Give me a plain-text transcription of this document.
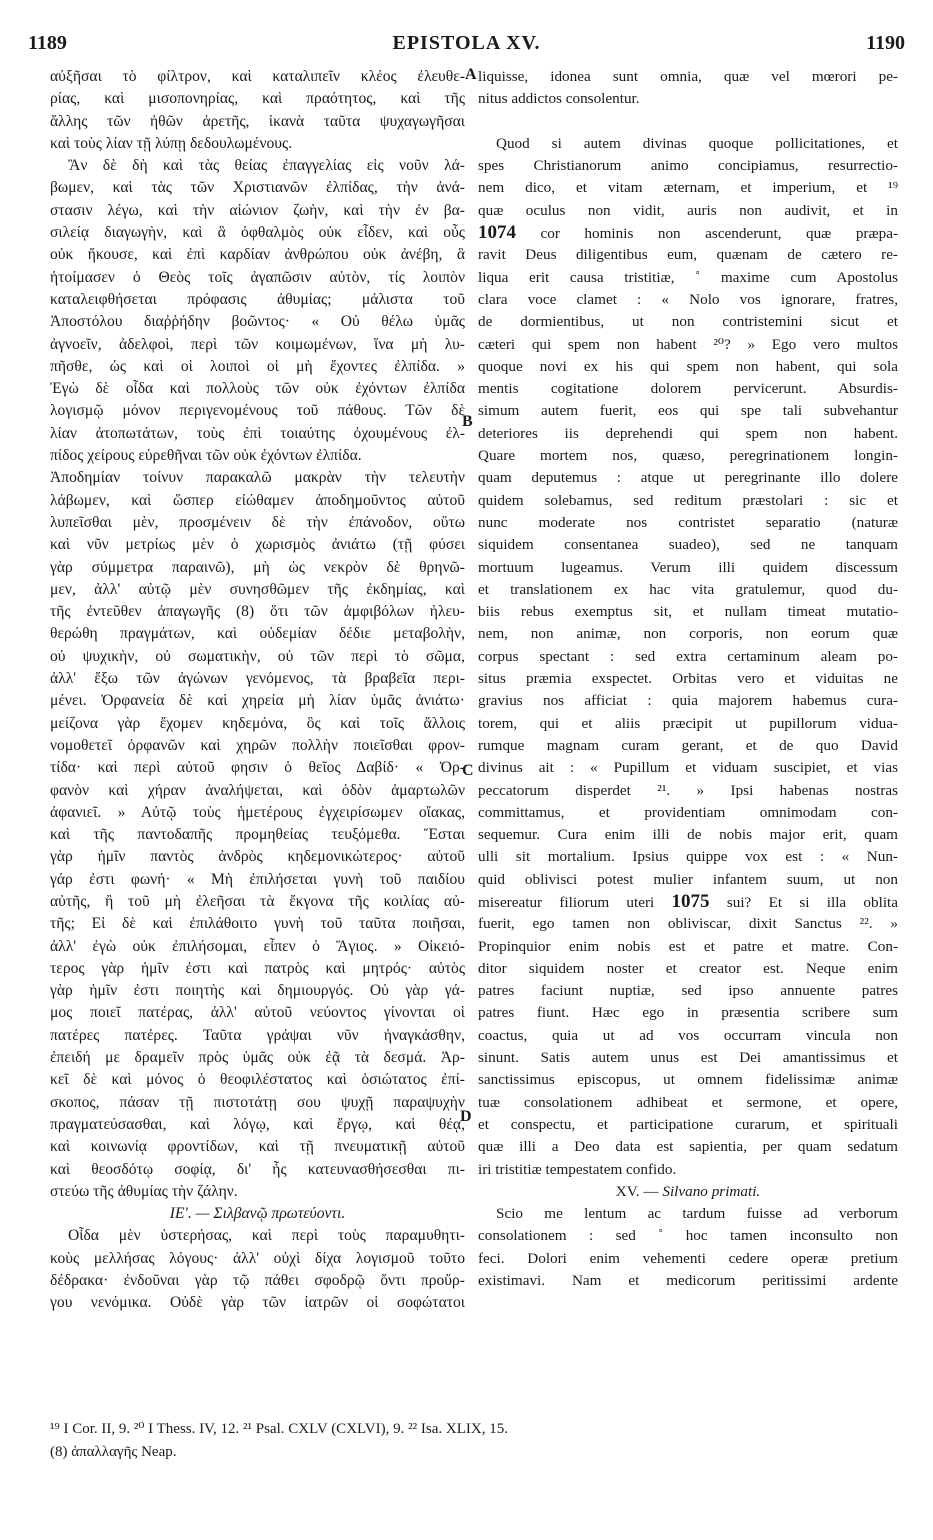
1189	EPISTOLA XV.	1190
αὐξῆσαι τὸ φίλτρον, καὶ καταλιπεῖν κλέος ἐλευθε-
ρίας, καὶ μισοπονηρίας, καὶ πραότητος, καὶ τῆς
ἄλλης τῶν ἠθῶν ἀρετῆς, ἱκανὰ ταῦτα ψυχαγωγῆσαι
καὶ τοὺς λίαν τῇ λύπῃ δεδουλωμένους.
Ἂν δὲ δὴ καὶ τὰς θείας ἐπαγγελίας εἰς νοῦν λά-
βωμεν, καὶ τὰς τῶν Χριστιανῶν ἐλπίδας, τὴν ἀνά-
στασιν λέγω, καὶ τὴν αἰώνιον ζωὴν, καὶ τὴν ἐν βα-
σιλείᾳ διαγωγὴν, καὶ ἃ ὀφθαλμὸς οὐκ εἶδεν, καὶ οὖς
οὐκ ἤκουσε, καὶ ἐπὶ καρδίαν ἀνθρώπου οὐκ ἀνέβη, ἃ
ἡτοίμασεν ὁ Θεὸς τοῖς ἀγαπῶσιν αὐτὸν, τίς λοιπὸν
καταλειφθήσεται πρόφασις ἀθυμίας; μάλιστα τοῦ
Ἀποστόλου διαῤῥήδην βοῶντος· « Οὐ θέλω ὑμᾶς
ἀγνοεῖν, ἀδελφοὶ, περὶ τῶν κοιμωμένων, ἵνα μὴ λυ-
πῆσθε, ὡς καὶ οἱ λοιποὶ οἱ μὴ ἔχοντες ἐλπίδα. »
Ἐγὼ δὲ οἶδα καὶ πολλοὺς τῶν οὐκ ἐχόντων ἐλπίδα
λογισμῷ μόνον περιγενομένους τοῦ πάθους. Τῶν δὲ
λίαν ἀτοπωτάτων, τοὺς ἐπὶ τοιαύτης ὀχουμένους ἐλ-
πίδος χείρους εὑρεθῆναι τῶν οὐκ ἐχόντων ἐλπίδα.
Ἀποδημίαν τοίνυν παρακαλῶ μακρὰν τὴν τελευτὴν
λάβωμεν, καὶ ὥσπερ εἰώθαμεν ἀποδημοῦντος αὐτοῦ
λυπεῖσθαι μὲν, προσμένειν δὲ τὴν ἐπάνοδον, οὕτω
καὶ νῦν μετρίως μὲν ὁ χωρισμὸς ἀνιάτω (τῇ φύσει
γὰρ σύμμετρα παραινῶ), μὴ ὡς νεκρὸν δὲ θρηνῶ-
μεν, ἀλλ' αὐτῷ μὲν συνησθῶμεν τῆς ἐκδημίας, καὶ
τῆς ἐντεῦθεν ἀπαγωγῆς (8) ὅτι τῶν ἀμφιβόλων ἠλευ-
θερώθη πραγμάτων, καὶ οὐδεμίαν δέδιε μεταβολὴν,
οὐ ψυχικὴν, οὐ σωματικὴν, οὐ τῶν περὶ τὸ σῶμα,
ἀλλ' ἔξω τῶν ἀγώνων γενόμενος, τὰ βραβεῖα περι-
μένει. Ὀρφανεία δὲ καὶ χηρεία μὴ λίαν ὑμᾶς ἀνιάτω·
μείζονα γὰρ ἔχομεν κηδεμόνα, ὃς καὶ τοῖς ἄλλοις
νομοθετεῖ ὀρφανῶν καὶ χηρῶν πολλὴν ποιεῖσθαι φρον-
τίδα· καὶ περὶ αὐτοῦ φησιν ὁ θεῖος Δαβίδ· « Ὀρ-
φανὸν καὶ χήραν ἀναλήψεται, καὶ ὁδὸν ἁμαρτωλῶν
ἀφανιεῖ. » Αὐτῷ τοὺς ἡμετέρους ἐγχειρίσωμεν οἴακας,
καὶ τῆς παντοδαπῆς προμηθείας τευξόμεθα. Ἔσται
γὰρ ἡμῖν παντὸς ἀνδρὸς κηδεμονικώτερος· αὐτοῦ
γάρ ἐστι φωνή· « Μὴ ἐπιλήσεται γυνὴ τοῦ παιδίου
αὐτῆς, ἢ τοῦ μὴ ἐλεῆσαι τὰ ἔκγονα τῆς κοιλίας αὐ-
τῆς; Εἰ δὲ καὶ ἐπιλάθοιτο γυνὴ τοῦ ταῦτα ποιῆσαι,
ἀλλ' ἐγὼ οὐκ ἐπιλήσομαι, εἶπεν ὁ Ἅγιος. » Οἰκειό-
τερος γὰρ ἡμῖν ἐστι καὶ πατρὸς καὶ μητρός· αὐτὸς
γὰρ ἡμῖν ἐστι ποιητὴς καὶ δημιουργός. Οὐ γὰρ γά-
μος ποιεῖ πατέρας, ἀλλ' αὐτοῦ νεύοντος γίνονται οἱ
πατέρες πατέρες. Ταῦτα γράψαι νῦν ἠναγκάσθην,
ἐπειδή με δραμεῖν πρὸς ὑμᾶς οὐκ ἐᾷ τὰ δεσμά. Ἀρ-
κεῖ δὲ καὶ μόνος ὁ θεοφιλέστατος καὶ ὁσιώτατος ἐπί-
σκοπος, πάσαν τῇ πιστοτάτῃ σου ψυχῇ παραψυχὴν
πραγματεύσασθαι, καὶ λόγῳ, καὶ ἔργῳ, καὶ θέᾳ,
καὶ κοινωνίᾳ φροντίδων, καὶ τῇ πνευματικῇ αὐτοῦ
καὶ θεοσδότῳ σοφίᾳ, δι' ἧς κατευνασθήσεσθαι πι-
στεύω τῆς ἀθυμίας τὴν ζάλην.
ΙΕ'. — Σιλβανῷ πρωτεύοντι.
Οἶδα μὲν ὑστερήσας, καὶ περὶ τοὺς παραμυθητι-
κοὺς μελλήσας λόγους· ἀλλ' οὐχὶ δίχα λογισμοῦ τοῦτο
δέδρακα· ἐνδοῦναι γὰρ τῷ πάθει σφοδρῷ ὄντι προὔρ-
γου νενόμικα. Οὐδὲ γὰρ τῶν ἰατρῶν οἱ σοφώτατοι
liquisse, idonea sunt omnia, quæ vel mœrori pe-
nitus addictos consolentur.
Quod si autem divinas quoque pollicitationes, et
spes Christianorum animo concipiamus, resurrectio-
nem dico, et vitam æternam, et imperium, et ¹⁹
quæ oculus non vidit, auris non audivit, et in
1074 cor hominis non ascenderunt, quæ præpa-
ravit Deus diligentibus eum, quænam de cætero re-
liqua erit causa tristitiæ, ˚ maxime cum Apostolus
clara voce clamet : « Nolo vos ignorare, fratres,
de dormientibus, ut non contristemini sicut et
cæteri qui spem non habent ²⁰? » Ego vero multos
quoque novi ex his qui spem non habent, qui sola
mentis cogitatione dolorem pervicerunt. Absurdis-
simum autem fuerit, eos qui spe tali subvehantur
deteriores iis deprehendi qui spem non habent.
Quare mortem nos, quæso, peregrinationem longin-
quam deputemus : atque ut peregrinante illo dolere
quidem solebamus, sed reditum præstolari : sic et
nunc moderate nos contristet separatio (naturæ
siquidem consentanea suadeo), sed ne tanquam
mortuum lugeamus. Verum illi quidem discessum
et translationem ex hac vita gratulemur, quod du-
biis rebus exemptus sit, et nullam timeat mutatio-
nem, non animæ, non corporis, non eorum quæ
corpus spectant : sed extra certaminum aleam po-
situs præmia exspectet. Orbitas vero et viduitas ne
gravius nos afficiat : quia majorem habemus cura-
torem, qui et aliis præcipit ut pupillorum vidua-
rumque magnam curam gerant, et de quo David
divinus ait : « Pupillum et viduam suscipiet, et vias
peccatorum disperdet ²¹. » Ipsi habenas nostras
committamus, et providentiam omnimodam con-
sequemur. Cura enim illi de nobis major erit, quam
ulli sit mortalium. Ipsius quippe vox est : « Nun-
quid oblivisci potest mulier infantem suum, ut non
misereatur filiorum uteri 1075 sui? Et si illa oblita
fuerit, ego tamen non obliviscar, dixit Sanctus ²². »
Propinquior enim nobis est et patre et matre. Con-
ditor siquidem noster et creator est. Neque enim
patres faciunt nuptiæ, sed ipso annuente patres
patres fiunt. Hæc ego in præsentia scribere sum
coactus, quia ut ad vos occurram vincula non
sinunt. Satis autem unus est Dei amantissimus et
sanctissimus episcopus, ut omnem fidelissimæ animæ
tuæ consolationem adhibeat et sermone, et opere,
et conspectu, et participatione curarum, et spirituali
quæ illi a Deo data est sapientia, per quam sedatum
iri tristitiæ tempestatem confido.
XV. — Silvano primati.
Scio me lentum ac tardum fuisse ad verborum
consolationem : sed ˚ hoc tamen inconsulto non
feci. Dolori enim vehementi cedere operæ pretium
existimavi. Nam et medicorum peritissimi ardente
A
B
C
D
¹⁹ I Cor. II, 9. ²⁰ I Thess. IV, 12. ²¹ Psal. CXLV (CXLVI), 9. ²² Isa. XLIX, 15.
(8) ἀπαλλαγῆς Neap.
